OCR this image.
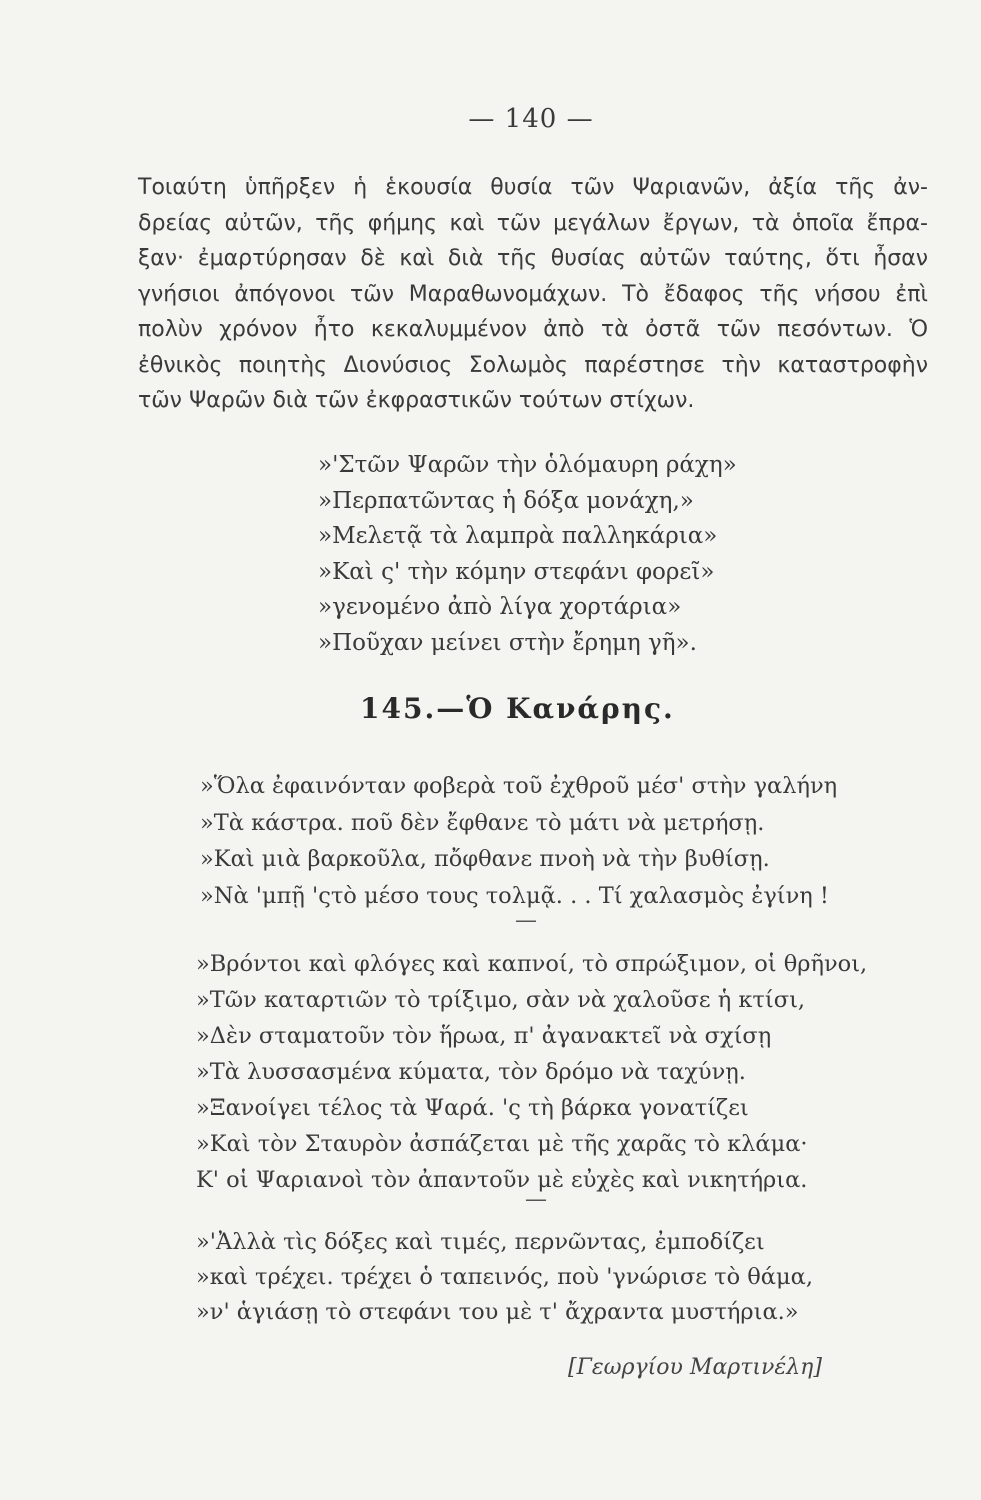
— 140 —
Τοιαύτη ὑπῆρξεν ἡ ἑκουσία θυσία τῶν Ψαριανῶν, ἀξία τῆς ἀν-
δρείας αὐτῶν, τῆς φήμης καὶ τῶν μεγάλων ἔργων, τὰ ὁποῖα ἔπρα-
ξαν· ἐμαρτύρησαν δὲ καὶ διὰ τῆς θυσίας αὐτῶν ταύτης, ὅτι ἦσαν
γνήσιοι ἀπόγονοι τῶν Μαραθωνομάχων. Τὸ ἔδαφος τῆς νήσου ἐπὶ
πολὺν χρόνον ἦτο κεκαλυμμένον ἀπὸ τὰ ὀστᾶ τῶν πεσόντων. Ὁ
ἐθνικὸς ποιητὴς Διονύσιος Σολωμὸς παρέστησε τὴν καταστροφὴν
τῶν Ψαρῶν διὰ τῶν ἐκφραστικῶν τούτων στίχων.
»'Στῶν Ψαρῶν τὴν ὁλόμαυρη ράχη»
»Περπατῶντας ἡ δόξα μονάχη,»
»Μελετᾷ τὰ λαμπρὰ παλληκάρια»
»Καὶ ς' τὴν κόμην στεφάνι φορεῖ»
»γενομένο ἀπὸ λίγα χορτάρια»
»Ποῦχαν μείνει στὴν ἔρημη γῆ».
145.—Ὁ Κανάρης.
»Ὅλα ἐφαινόνταν φοβερὰ τοῦ ἐχθροῦ μέσ' στὴν γαλήνη
»Τὰ κάστρα. ποῦ δὲν ἔφθανε τὸ μάτι νὰ μετρήσῃ.
»Καὶ μιὰ βαρκοῦλα, πὄφθανε πνοὴ νὰ τὴν βυθίσῃ.
»Νὰ 'μπῇ 'ςτὸ μέσο τους τολμᾷ. . . Τί χαλασμὸς ἐγίνη !
—
»Βρόντοι καὶ φλόγες καὶ καπνοί, τὸ σπρώξιμον, οἱ θρῆνοι,
»Τῶν καταρτιῶν τὸ τρίξιμο, σὰν νὰ χαλοῦσε ἡ κτίσι,
»Δὲν σταματοῦν τὸν ἥρωα, π' ἀγανακτεῖ νὰ σχίσῃ
»Τὰ λυσσασμένα κύματα, τὸν δρόμο νὰ ταχύνῃ.
»Ξανοίγει τέλος τὰ Ψαρά. 'ς τὴ βάρκα γονατίζει
»Καὶ τὸν Σταυρὸν ἀσπάζεται μὲ τῆς χαρᾶς τὸ κλάμα·
Κ' οἱ Ψαριανοὶ τὸν ἀπαντοῦν μὲ εὐχὲς καὶ νικητήρια.
—
»'Ἀλλὰ τὶς δόξες καὶ τιμές, περνῶντας, ἐμποδίζει
»καὶ τρέχει. τρέχει ὁ ταπεινός, ποὺ 'γνώρισε τὸ θάμα,
»ν' ἁγιάσῃ τὸ στεφάνι του μὲ τ' ἄχραντα μυστήρια.»
[Γεωργίου Μαρτινέλη]
